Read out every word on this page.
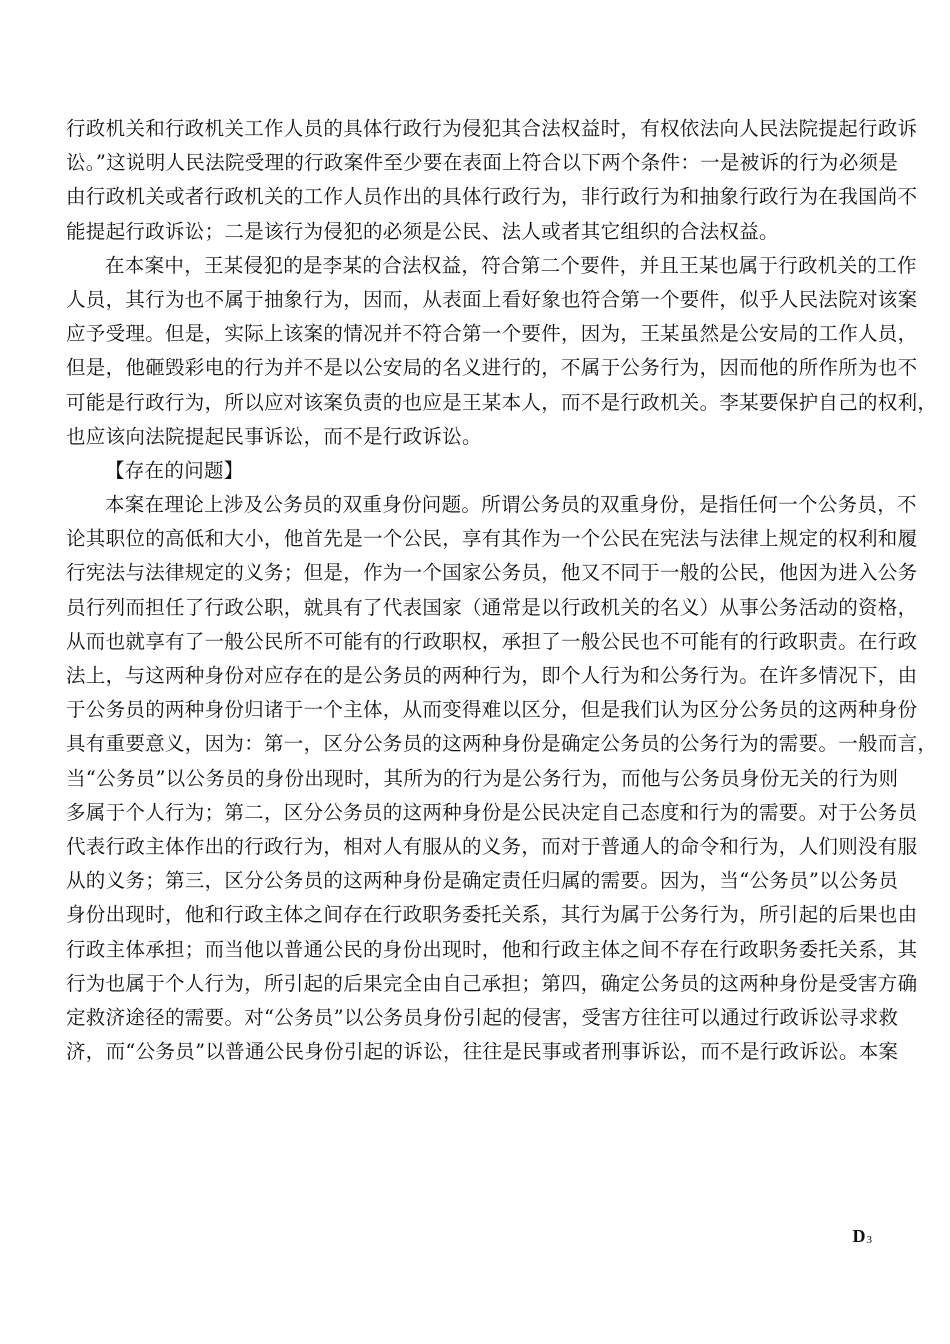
行政机关和行政机关工作人员的具体行政行为侵犯其合法权益时，有权依法向人民法院提起行政诉
讼。”这说明人民法院受理的行政案件至少要在表面上符合以下两个条件：一是被诉的行为必须是
由行政机关或者行政机关的工作人员作出的具体行政行为，非行政行为和抽象行政行为在我国尚不
能提起行政诉讼；二是该行为侵犯的必须是公民、法人或者其它组织的合法权益。
在本案中，王某侵犯的是李某的合法权益，符合第二个要件，并且王某也属于行政机关的工作
人员，其行为也不属于抽象行为，因而，从表面上看好象也符合第一个要件，似乎人民法院对该案
应予受理。但是，实际上该案的情况并不符合第一个要件，因为，王某虽然是公安局的工作人员，
但是，他砸毁彩电的行为并不是以公安局的名义进行的，不属于公务行为，因而他的所作所为也不
可能是行政行为，所以应对该案负责的也应是王某本人，而不是行政机关。李某要保护自己的权利，
也应该向法院提起民事诉讼，而不是行政诉讼。
【存在的问题】
本案在理论上涉及公务员的双重身份问题。所谓公务员的双重身份，是指任何一个公务员，不
论其职位的高低和大小，他首先是一个公民，享有其作为一个公民在宪法与法律上规定的权利和履
行宪法与法律规定的义务；但是，作为一个国家公务员，他又不同于一般的公民，他因为进入公务
员行列而担任了行政公职，就具有了代表国家（通常是以行政机关的名义）从事公务活动的资格，
从而也就享有了一般公民所不可能有的行政职权，承担了一般公民也不可能有的行政职责。在行政
法上，与这两种身份对应存在的是公务员的两种行为，即个人行为和公务行为。在许多情况下，由
于公务员的两种身份归诸于一个主体，从而变得难以区分，但是我们认为区分公务员的这两种身份
具有重要意义，因为：第一，区分公务员的这两种身份是确定公务员的公务行为的需要。一般而言，
当“公务员”以公务员的身份出现时，其所为的行为是公务行为，而他与公务员身份无关的行为则
多属于个人行为；第二，区分公务员的这两种身份是公民决定自己态度和行为的需要。对于公务员
代表行政主体作出的行政行为，相对人有服从的义务，而对于普通人的命令和行为，人们则没有服
从的义务；第三，区分公务员的这两种身份是确定责任归属的需要。因为，当“公务员”以公务员
身份出现时，他和行政主体之间存在行政职务委托关系，其行为属于公务行为，所引起的后果也由
行政主体承担；而当他以普通公民的身份出现时，他和行政主体之间不存在行政职务委托关系，其
行为也属于个人行为，所引起的后果完全由自己承担；第四，确定公务员的这两种身份是受害方确
定救济途径的需要。对“公务员”以公务员身份引起的侵害，受害方往往可以通过行政诉讼寻求救
济，而“公务员”以普通公民身份引起的诉讼，往往是民事或者刑事诉讼，而不是行政诉讼。本案
D3
